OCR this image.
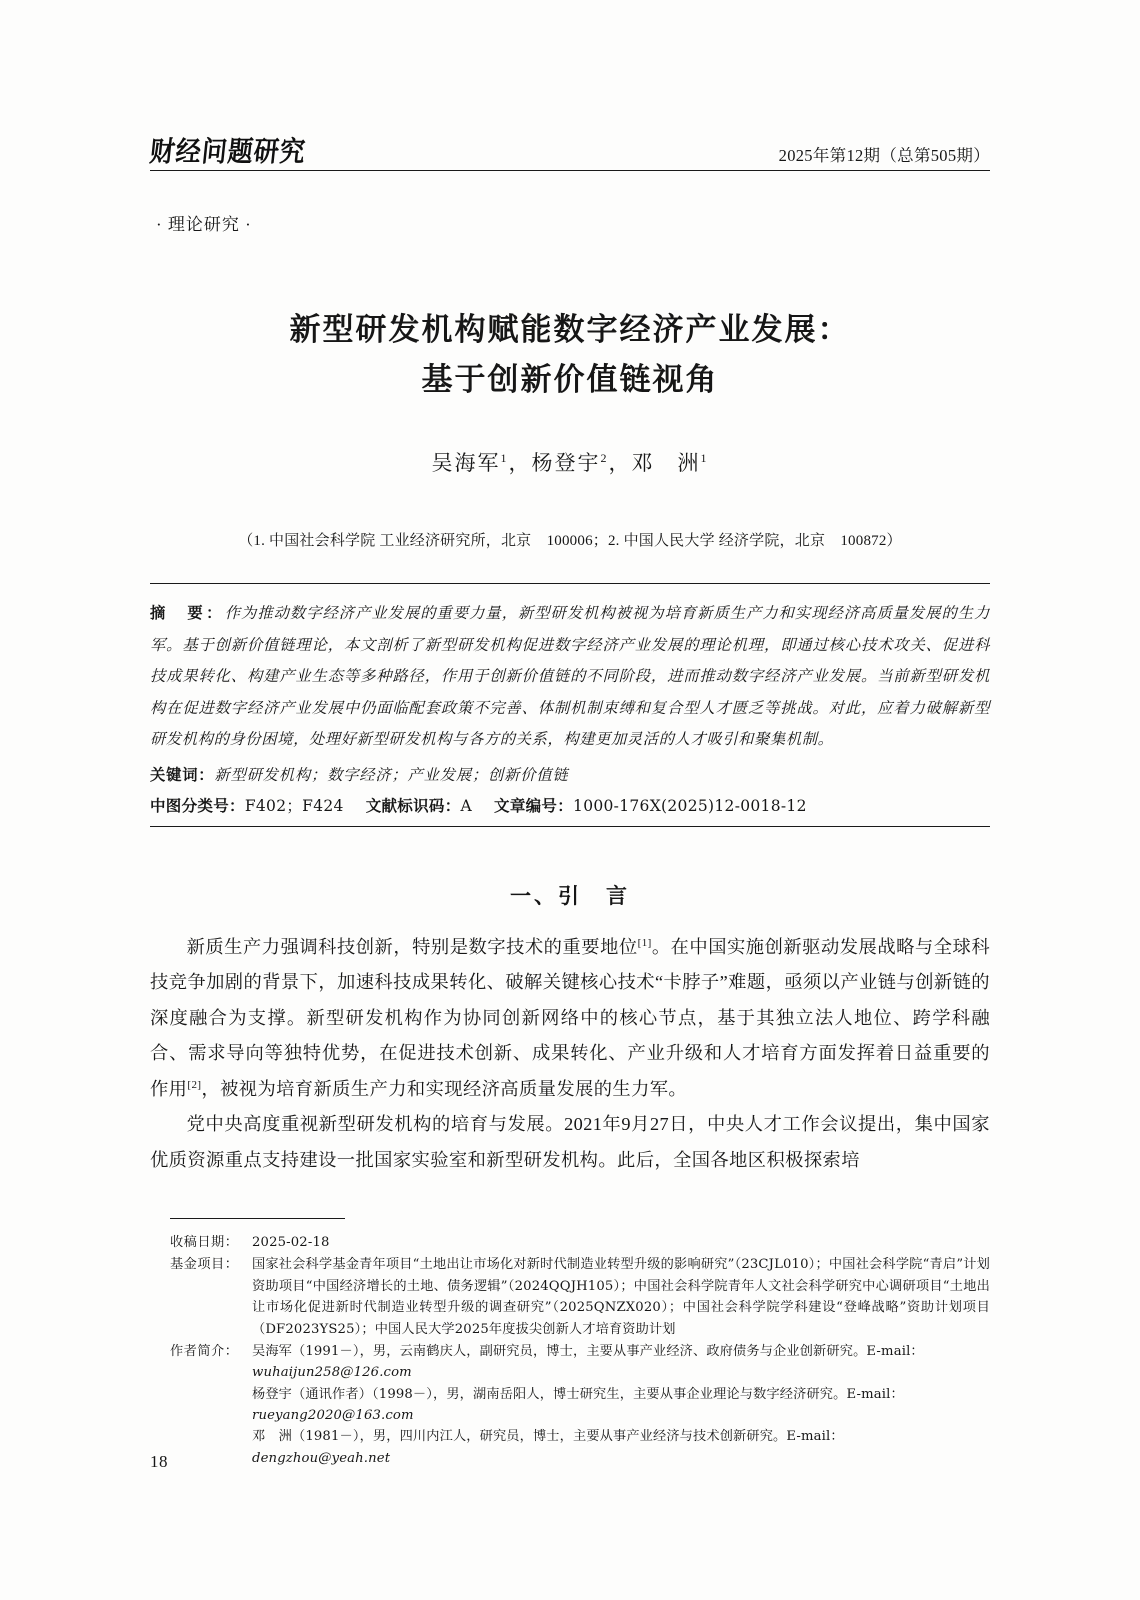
财经问题研究	2025年第12期（总第505期）
· 理论研究 ·
新型研发机构赋能数字经济产业发展：
基于创新价值链视角
吴海军$^1$，杨登宇$^2$，邓　洲$^1$
（1. 中国社会科学院 工业经济研究所，北京　100006；2. 中国人民大学 经济学院，北京　100872）
摘　要：作为推动数字经济产业发展的重要力量，新型研发机构被视为培育新质生产力和实现经济高质量发展的生力军。基于创新价值链理论，本文剖析了新型研发机构促进数字经济产业发展的理论机理，即通过核心技术攻关、促进科技成果转化、构建产业生态等多种路径，作用于创新价值链的不同阶段，进而推动数字经济产业发展。当前新型研发机构在促进数字经济产业发展中仍面临配套政策不完善、体制机制束缚和复合型人才匮乏等挑战。对此，应着力破解新型研发机构的身份困境，处理好新型研发机构与各方的关系，构建更加灵活的人才吸引和聚集机制。
关键词：新型研发机构；数字经济；产业发展；创新价值链
中图分类号：F402；F424 文献标识码：A 文章编号：1000-176X(2025)12-0018-12
一、引　言

新质生产力强调科技创新，特别是数字技术的重要地位[1]。在中国实施创新驱动发展战略与全球科技竞争加剧的背景下，加速科技成果转化、破解关键核心技术“卡脖子”难题，亟须以产业链与创新链的深度融合为支撑。新型研发机构作为协同创新网络中的核心节点，基于其独立法人地位、跨学科融合、需求导向等独特优势，在促进技术创新、成果转化、产业升级和人才培育方面发挥着日益重要的作用[2]，被视为培育新质生产力和实现经济高质量发展的生力军。

党中央高度重视新型研发机构的培育与发展。2021年9月27日，中央人才工作会议提出，集中国家优质资源重点支持建设一批国家实验室和新型研发机构。此后，全国各地区积极探索培

收稿日期：	2025-02-18
基金项目：	国家社会科学基金青年项目“土地出让市场化对新时代制造业转型升级的影响研究”（23CJL010）；中国社会科学院“青启”计划资助项目“中国经济增长的土地、债务逻辑”（2024QQJH105）；中国社会科学院青年人文社会科学研究中心调研项目“土地出让市场化促进新时代制造业转型升级的调查研究”（2025QNZX020）；中国社会科学院学科建设“登峰战略”资助计划项目（DF2023YS25）；中国人民大学2025年度拔尖创新人才培育资助计划
作者简介：	吴海军（1991－），男，云南鹤庆人，副研究员，博士，主要从事产业经济、政府债务与企业创新研究。E-mail：
wuhaijun258@126.com
杨登宇（通讯作者）（1998－），男，湖南岳阳人，博士研究生，主要从事企业理论与数字经济研究。E-mail：
rueyang2020@163.com
邓　洲（1981－），男，四川内江人，研究员，博士，主要从事产业经济与技术创新研究。E-mail：
dengzhou@yeah.net
18
